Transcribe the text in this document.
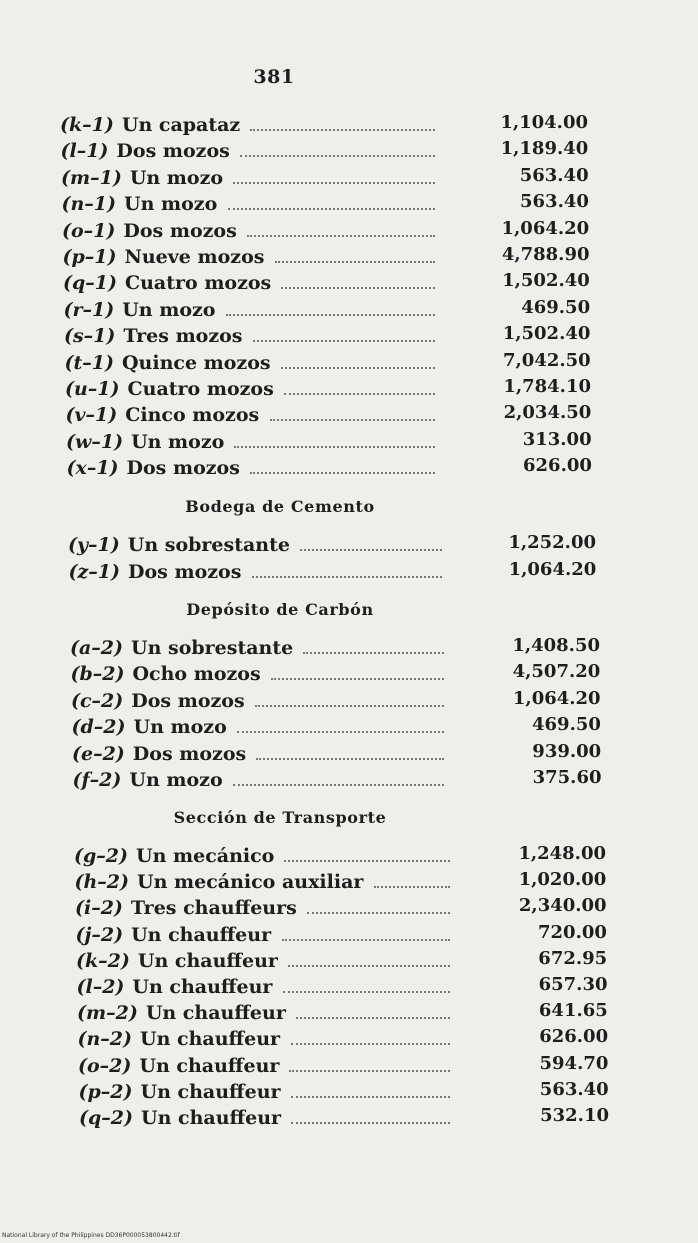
381
(k–1) Un capataz	1,104.00
(l–1) Dos mozos	1,189.40
(m–1) Un mozo	563.40
(n–1) Un mozo	563.40
(o–1) Dos mozos	1,064.20
(p–1) Nueve mozos	4,788.90
(q–1) Cuatro mozos	1,502.40
(r–1) Un mozo	469.50
(s–1) Tres mozos	1,502.40
(t–1) Quince mozos	7,042.50
(u–1) Cuatro mozos	1,784.10
(v–1) Cinco mozos	2,034.50
(w–1) Un mozo	313.00
(x–1) Dos mozos	626.00
Bodega de Cemento
(y–1) Un sobrestante	1,252.00
(z–1) Dos mozos	1,064.20
Depósito de Carbón
(a–2) Un sobrestante	1,408.50
(b–2) Ocho mozos	4,507.20
(c–2) Dos mozos	1,064.20
(d–2) Un mozo	469.50
(e–2) Dos mozos	939.00
(f–2) Un mozo	375.60
Sección de Transporte
(g–2) Un mecánico	1,248.00
(h–2) Un mecánico auxiliar	1,020.00
(i–2) Tres chauffeurs	2,340.00
(j–2) Un chauffeur	720.00
(k–2) Un chauffeur	672.95
(l–2) Un chauffeur	657.30
(m–2) Un chauffeur	641.65
(n–2) Un chauffeur	626.00
(o–2) Un chauffeur	594.70
(p–2) Un chauffeur	563.40
(q–2) Un chauffeur	532.10
National Library of the Philippines DD36P000053800442.tif
